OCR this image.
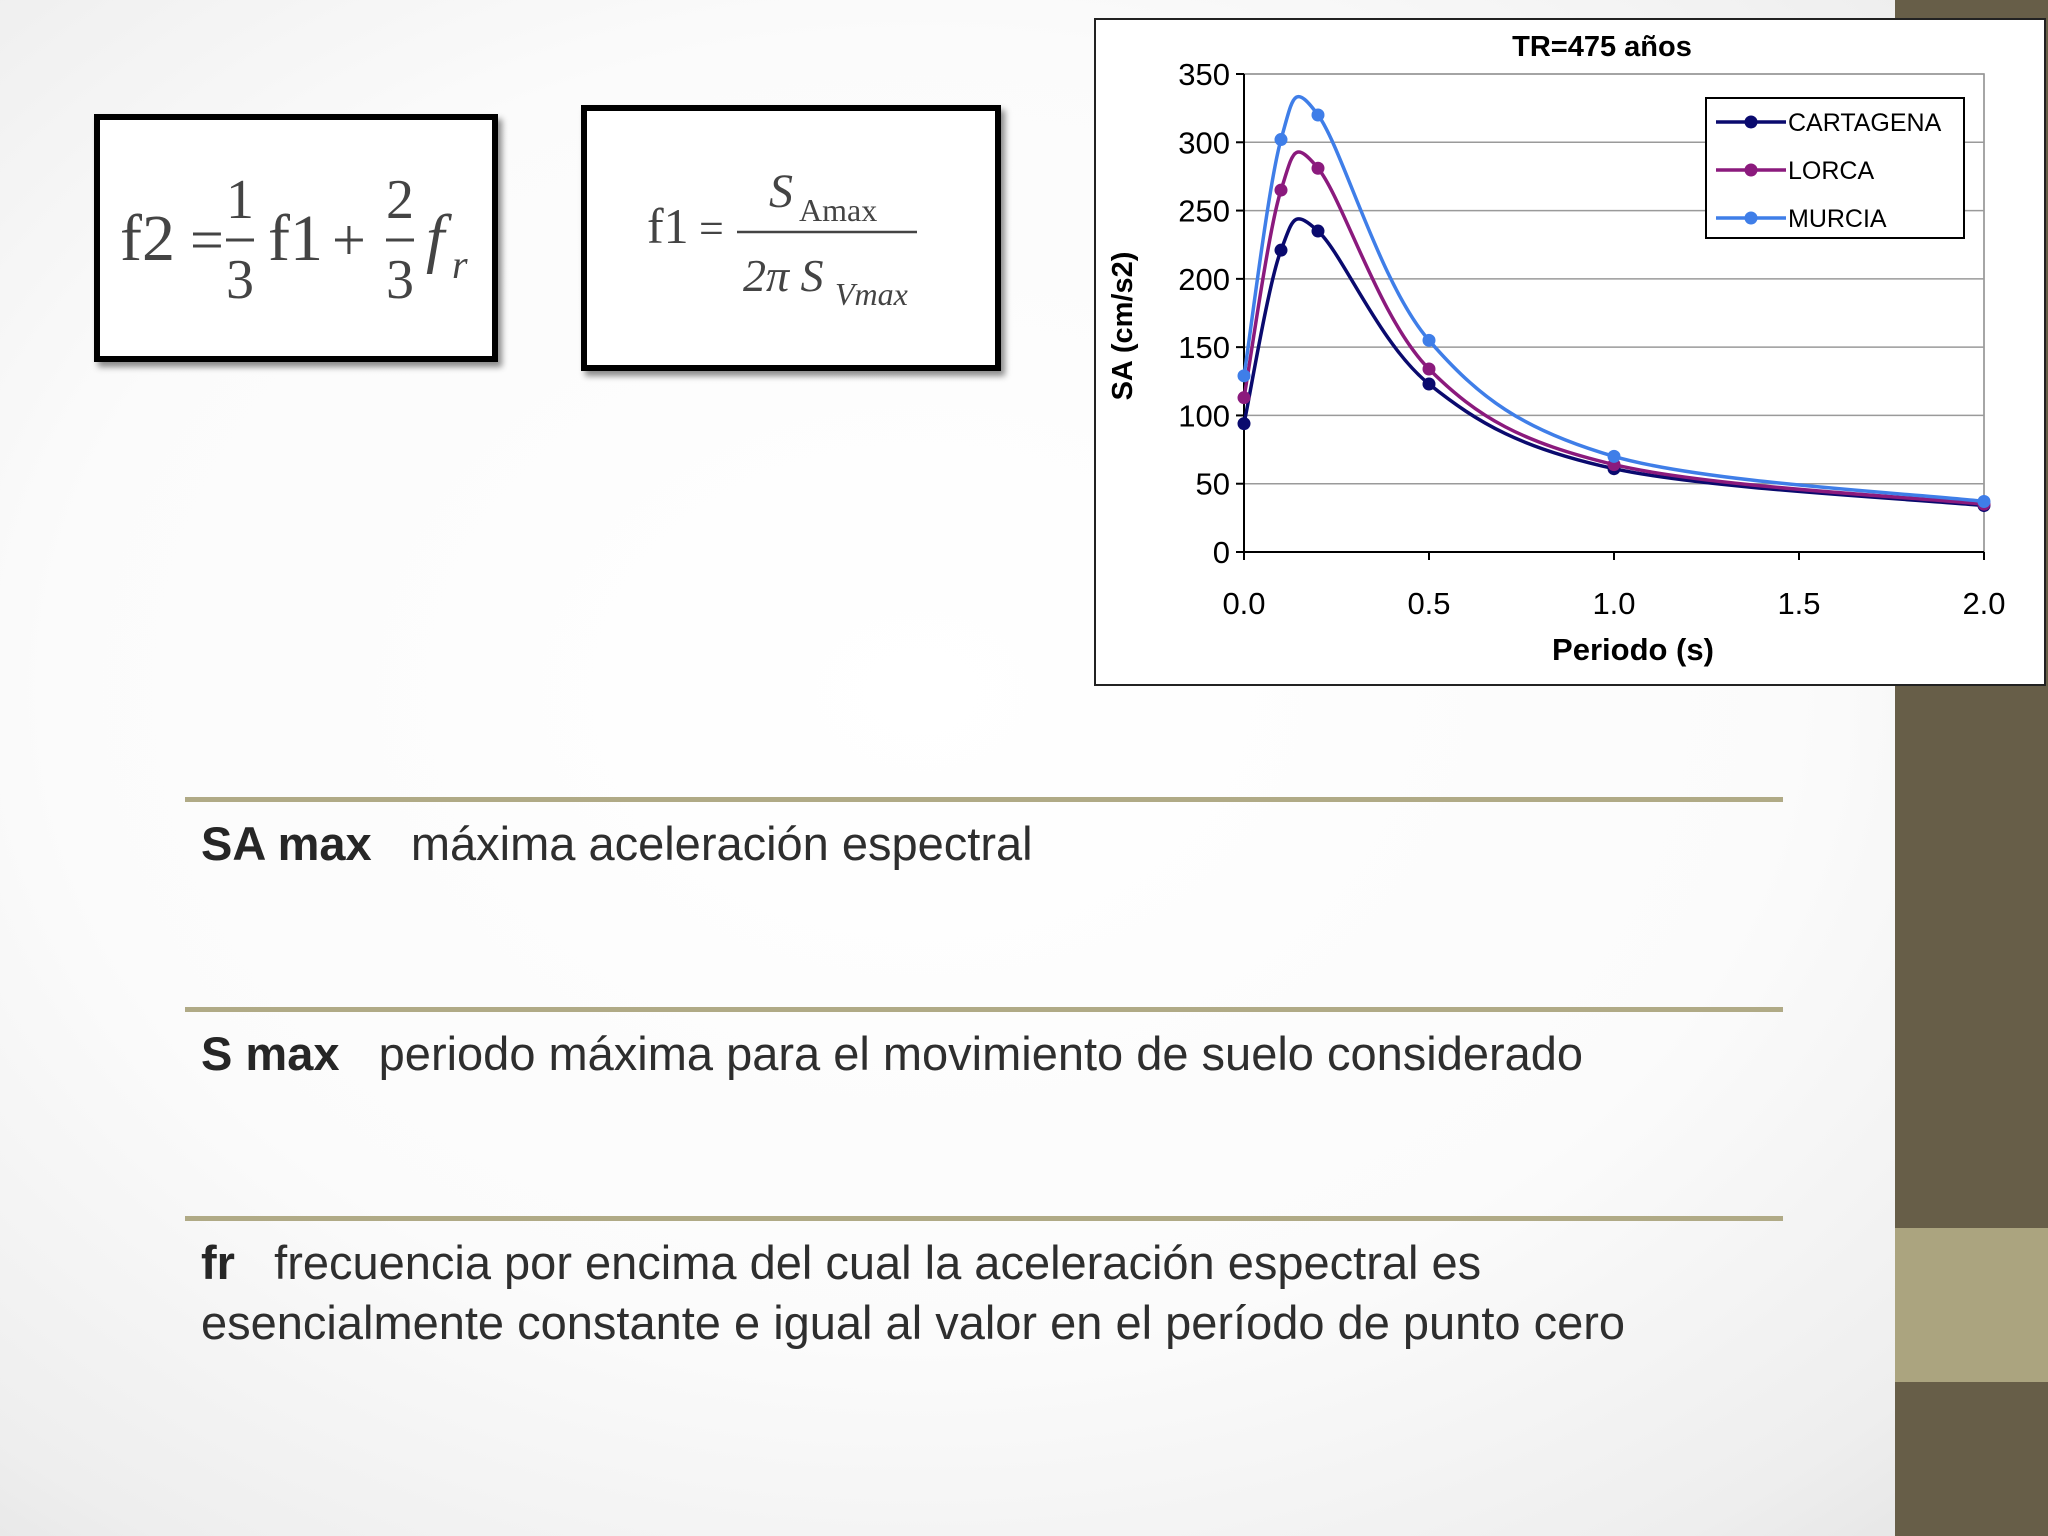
f2 =
1
3
f1 +
2
3
f r
f1 =
S Amax
2π S Vmax
TR=475 años
SA (cm/s2)
Periodo (s)
0
50
100
150
200
250
300
350
0.0	0.5	1.0	1.5	2.0
CARTAGENA
LORCA
MURCIA
SA max máxima aceleración espectral
S max periodo máxima para el movimiento de suelo considerado
fr frecuencia por encima del cual la aceleración espectral es esencialmente constante e igual al valor en el período de punto cero
